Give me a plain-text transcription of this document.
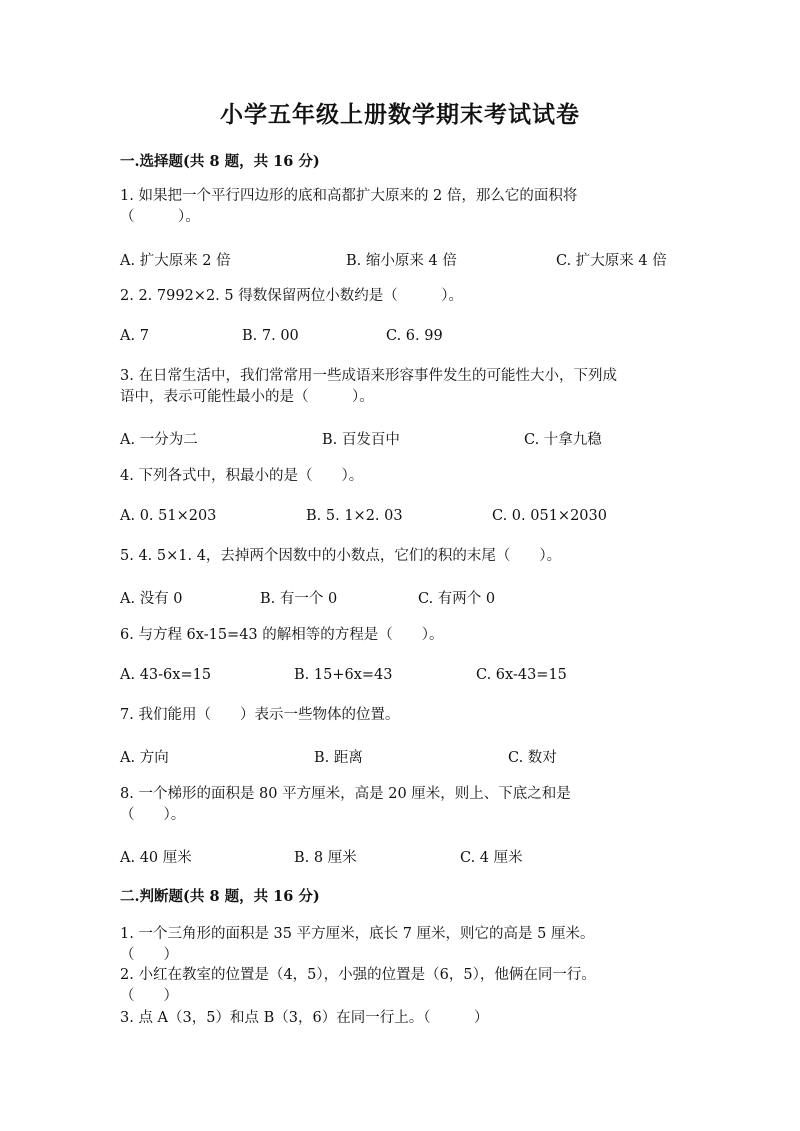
小学五年级上册数学期末考试试卷
一.选择题(共 8 题，共 16 分)
1. 如果把一个平行四边形的底和高都扩大原来的 2 倍，那么它的面积将
（　　　）。
A. 扩大原来 2 倍	B. 缩小原来 4 倍	C. 扩大原来 4 倍
2. 2. 7992×2. 5 得数保留两位小数约是（　　　）。
A. 7	B. 7. 00	C. 6. 99
3. 在日常生活中，我们常常用一些成语来形容事件发生的可能性大小，下列成
语中，表示可能性最小的是（　　　）。
A. 一分为二	B. 百发百中	C. 十拿九稳
4. 下列各式中，积最小的是（　　）。
A. 0. 51×203	B. 5. 1×2. 03	C. 0. 051×2030
5. 4. 5×1. 4，去掉两个因数中的小数点，它们的积的末尾（　　）。
A. 没有 0	B. 有一个 0	C. 有两个 0
6. 与方程 6x-15=43 的解相等的方程是（　　）。
A. 43-6x=15	B. 15+6x=43	C. 6x-43=15
7. 我们能用（　　）表示一些物体的位置。
A. 方向	B. 距离	C. 数对
8. 一个梯形的面积是 80 平方厘米，高是 20 厘米，则上、下底之和是
（　　）。
A. 40 厘米	B. 8 厘米	C. 4 厘米
二.判断题(共 8 题，共 16 分)
1. 一个三角形的面积是 35 平方厘米，底长 7 厘米，则它的高是 5 厘米。
（　　）
2. 小红在教室的位置是（4，5），小强的位置是（6，5），他俩在同一行。
（　　）
3. 点 A（3，5）和点 B（3，6）在同一行上。（　　　）
